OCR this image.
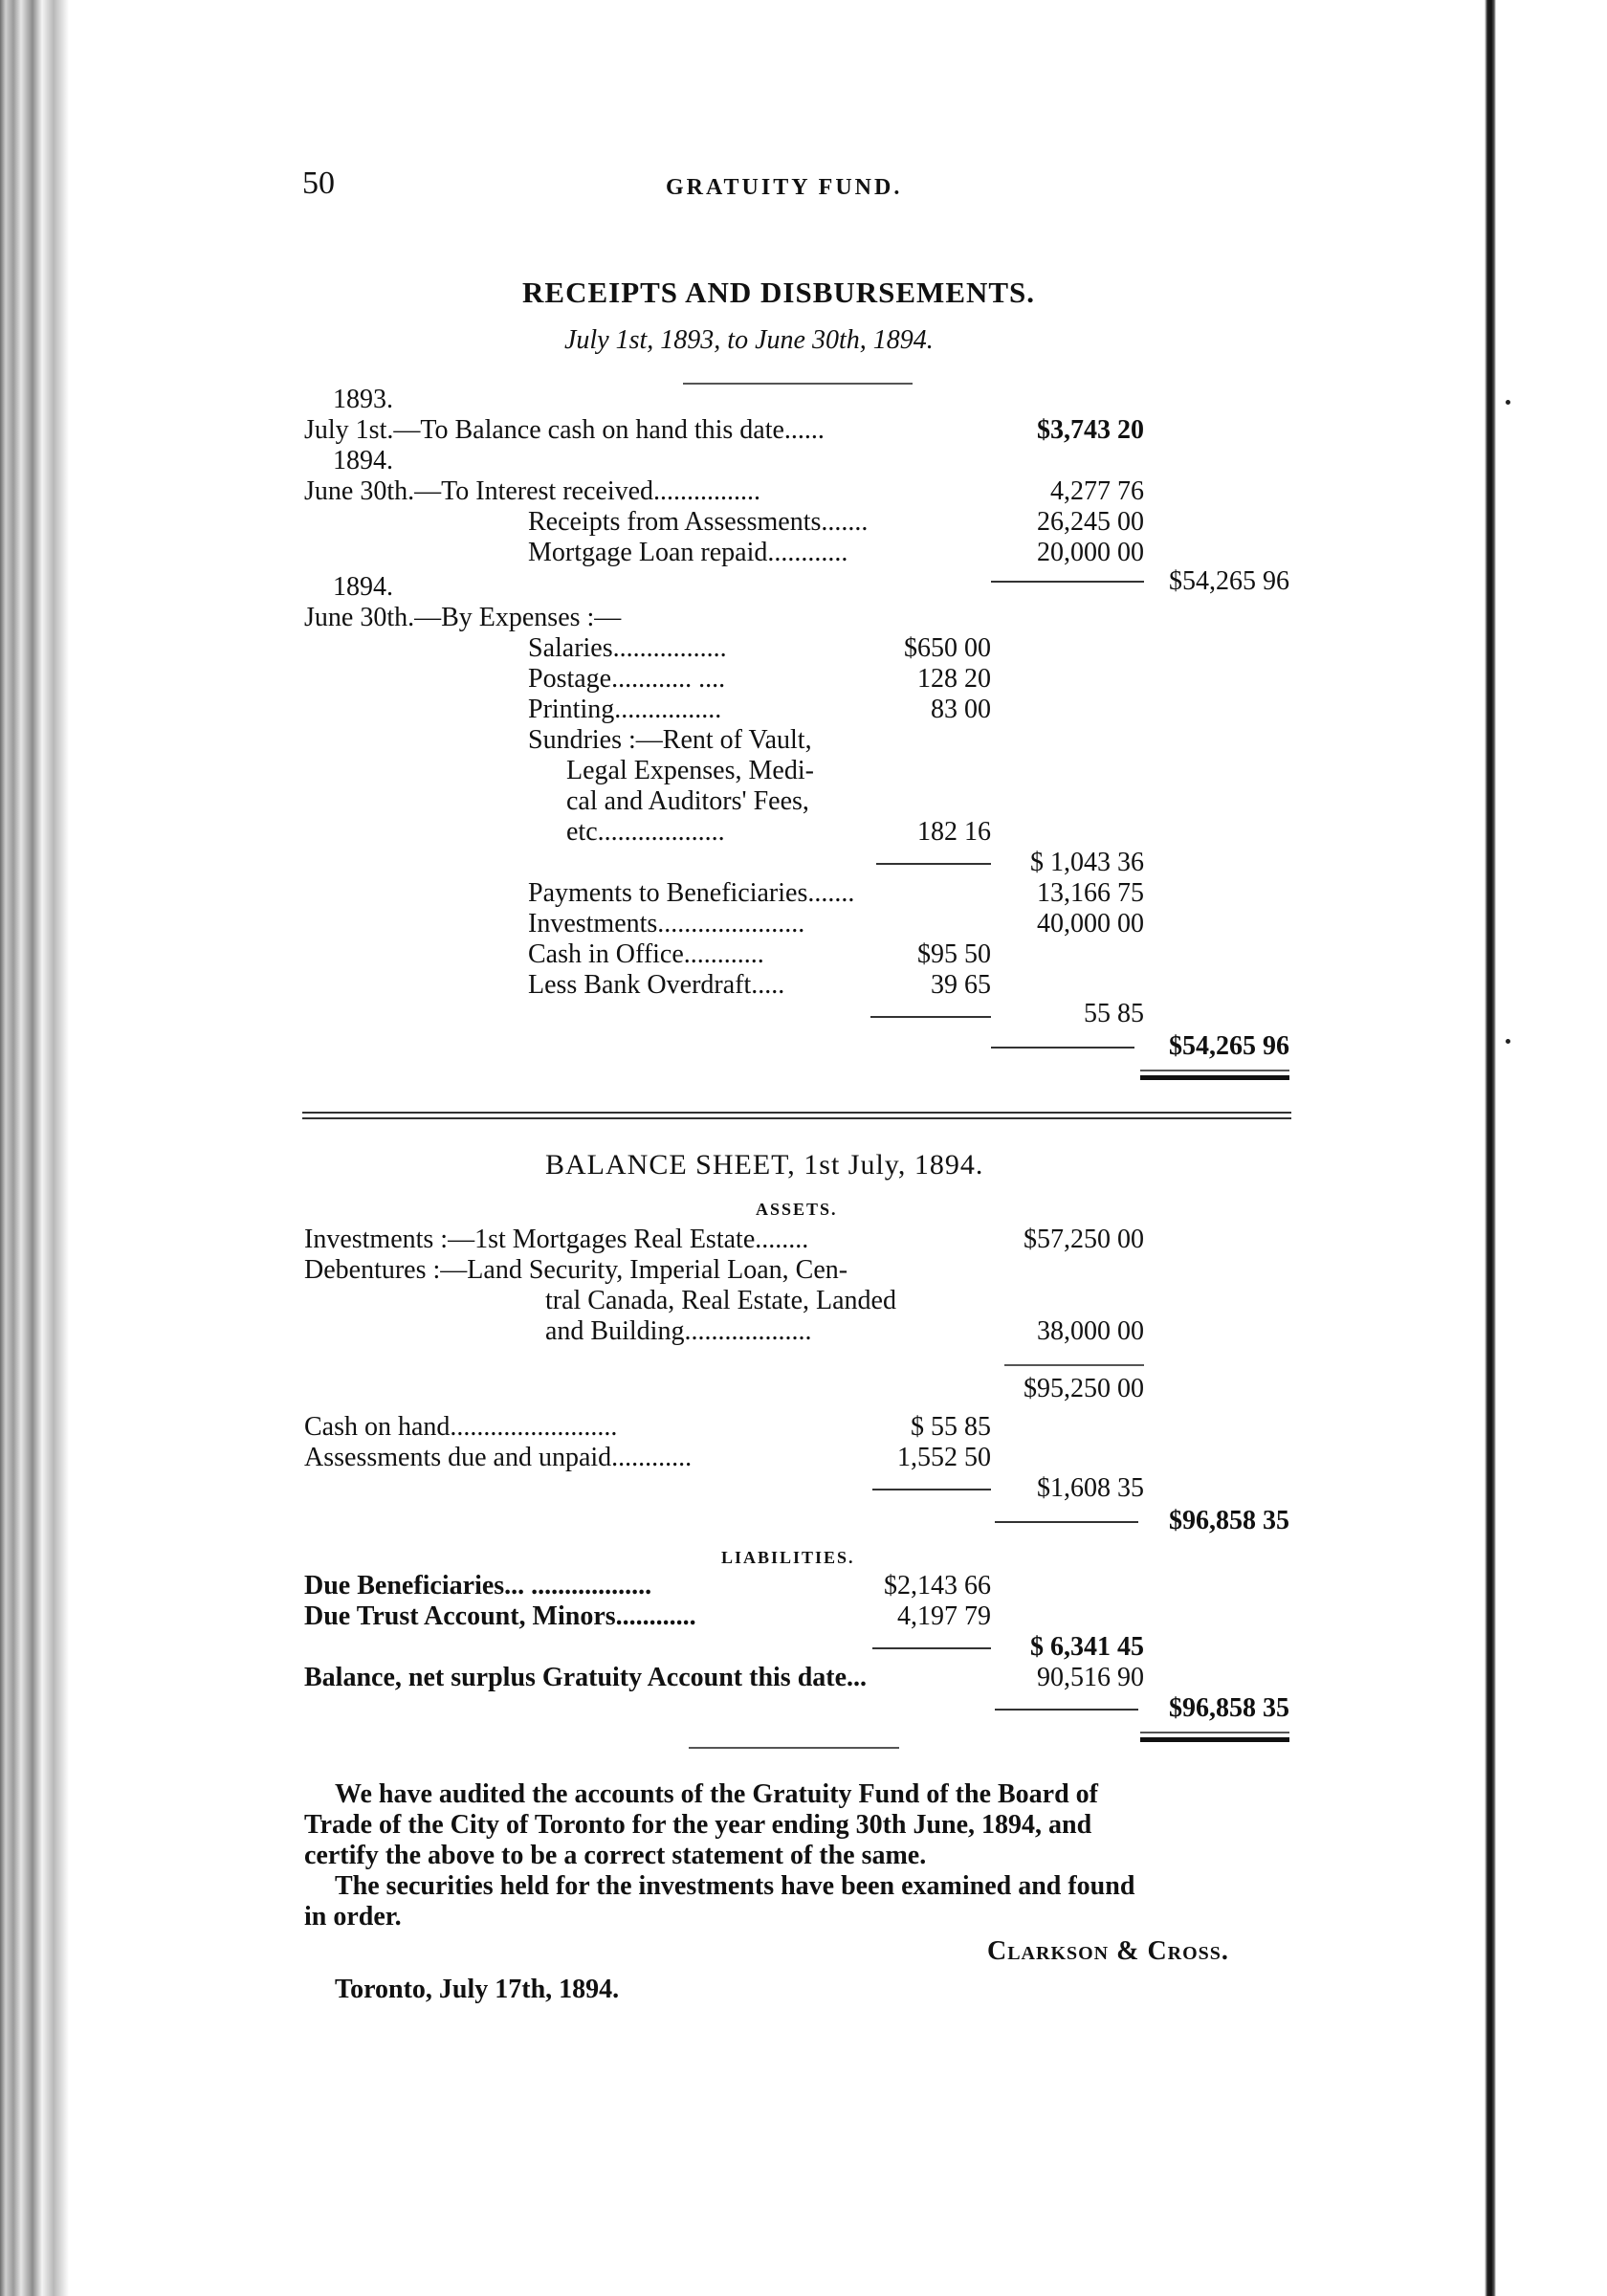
50	GRATUITY FUND.
RECEIPTS AND DISBURSEMENTS.
July 1st, 1893, to June 30th, 1894.
1893.
July 1st.—To Balance cash on hand this date......	$3,743 20
1894.
June 30th.—To Interest received................	4,277 76
Receipts from Assessments.......	26,245 00
Mortgage Loan repaid............	20,000 00
$54,265 96
1894.
June 30th.—By Expenses :—
Salaries.................	$650 00
Postage............ ....	128 20
Printing................	83 00
Sundries :—Rent of Vault,
Legal Expenses, Medi-
cal and Auditors' Fees,
etc...................	182 16
$ 1,043 36
Payments to Beneficiaries.......	13,166 75
Investments......................	40,000 00
Cash in Office............	$95 50
Less Bank Overdraft.....	39 65
55 85
$54,265 96
BALANCE SHEET, 1st July, 1894.
ASSETS.
Investments :—1st Mortgages Real Estate........	$57,250 00
Debentures :—Land Security, Imperial Loan, Cen-
tral Canada, Real Estate, Landed
and Building...................	38,000 00
$95,250 00
Cash on hand.........................	$ 55 85
Assessments due and unpaid............	1,552 50
$1,608 35
$96,858 35
LIABILITIES.
Due Beneficiaries... ..................	$2,143 66
Due Trust Account, Minors............	4,197 79
$ 6,341 45
Balance, net surplus Gratuity Account this date...	90,516 90
$96,858 35
We have audited the accounts of the Gratuity Fund of the Board of
Trade of the City of Toronto for the year ending 30th June, 1894, and
certify the above to be a correct statement of the same.
The securities held for the investments have been examined and found
in order.
Clarkson & Cross.
Toronto, July 17th, 1894.
